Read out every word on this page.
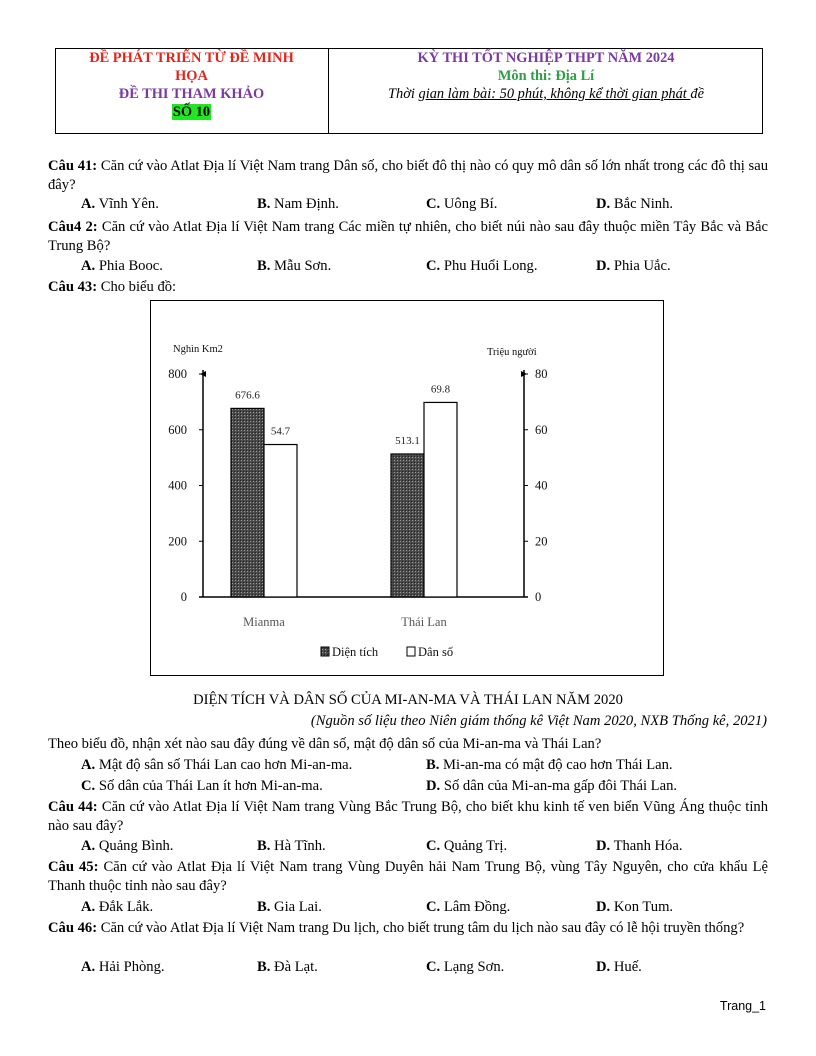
ĐỀ PHÁT TRIỂN TỪ ĐỀ MINH
HỌA
ĐỀ THI THAM KHẢO
SỐ 10
KỲ THI TỐT NGHIỆP THPT NĂM 2024
Môn thi: Địa Lí
Thời gian làm bài: 50 phút, không kể thời gian phát đề
Câu 41: Căn cứ vào Atlat Địa lí Việt Nam trang Dân số, cho biết đô thị nào có quy mô dân số lớn nhất trong các đô thị sau đây?
A. Vĩnh Yên.	B. Nam Định.	C. Uông Bí.	D. Bắc Ninh.
Câu4 2: Căn cứ vào Atlat Địa lí Việt Nam trang Các miền tự nhiên, cho biết núi nào sau đây thuộc miền Tây Bắc và Bắc Trung Bộ?
A. Phia Booc.	B. Mẫu Sơn.	C. Phu Huổi Long.	D. Phia Uắc.
Câu 43: Cho biểu đồ:
0
200
400
600
800
0
20
40
60
80
Nghìn Km2	Triệu người
676.6
54.7
Mianma
513.1
69.8
Thái Lan
Diện tích	Dân số
DIỆN TÍCH VÀ DÂN SỐ CỦA MI-AN-MA VÀ THÁI LAN NĂM 2020
(Nguồn số liệu theo Niên giám thống kê Việt Nam 2020, NXB Thống kê, 2021)
Theo biểu đồ, nhận xét nào sau đây đúng về dân số, mật độ dân số của Mi-an-ma và Thái Lan?
A. Mật độ sân số Thái Lan cao hơn Mi-an-ma.	B. Mi-an-ma có mật độ cao hơn Thái Lan.
C. Số dân của Thái Lan ít hơn Mi-an-ma.	D. Số dân của Mi-an-ma gấp đôi Thái Lan.
Câu 44: Căn cứ vào Atlat Địa lí Việt Nam trang Vùng Bắc Trung Bộ, cho biết khu kinh tế ven biển Vũng Áng thuộc tỉnh nào sau đây?
A. Quảng Bình.	B. Hà Tĩnh.	C. Quảng Trị.	D. Thanh Hóa.
Câu 45: Căn cứ vào Atlat Địa lí Việt Nam trang Vùng Duyên hải Nam Trung Bộ, vùng Tây Nguyên, cho cửa khẩu Lệ Thanh thuộc tỉnh nào sau đây?
A. Đắk Lắk.	B. Gia Lai.	C. Lâm Đồng.	D. Kon Tum.
Câu 46: Căn cứ vào Atlat Địa lí Việt Nam trang Du lịch, cho biết trung tâm du lịch nào sau đây có lễ hội truyền thống?
A. Hải Phòng.	B. Đà Lạt.	C. Lạng Sơn.	D. Huế.
Trang_1
